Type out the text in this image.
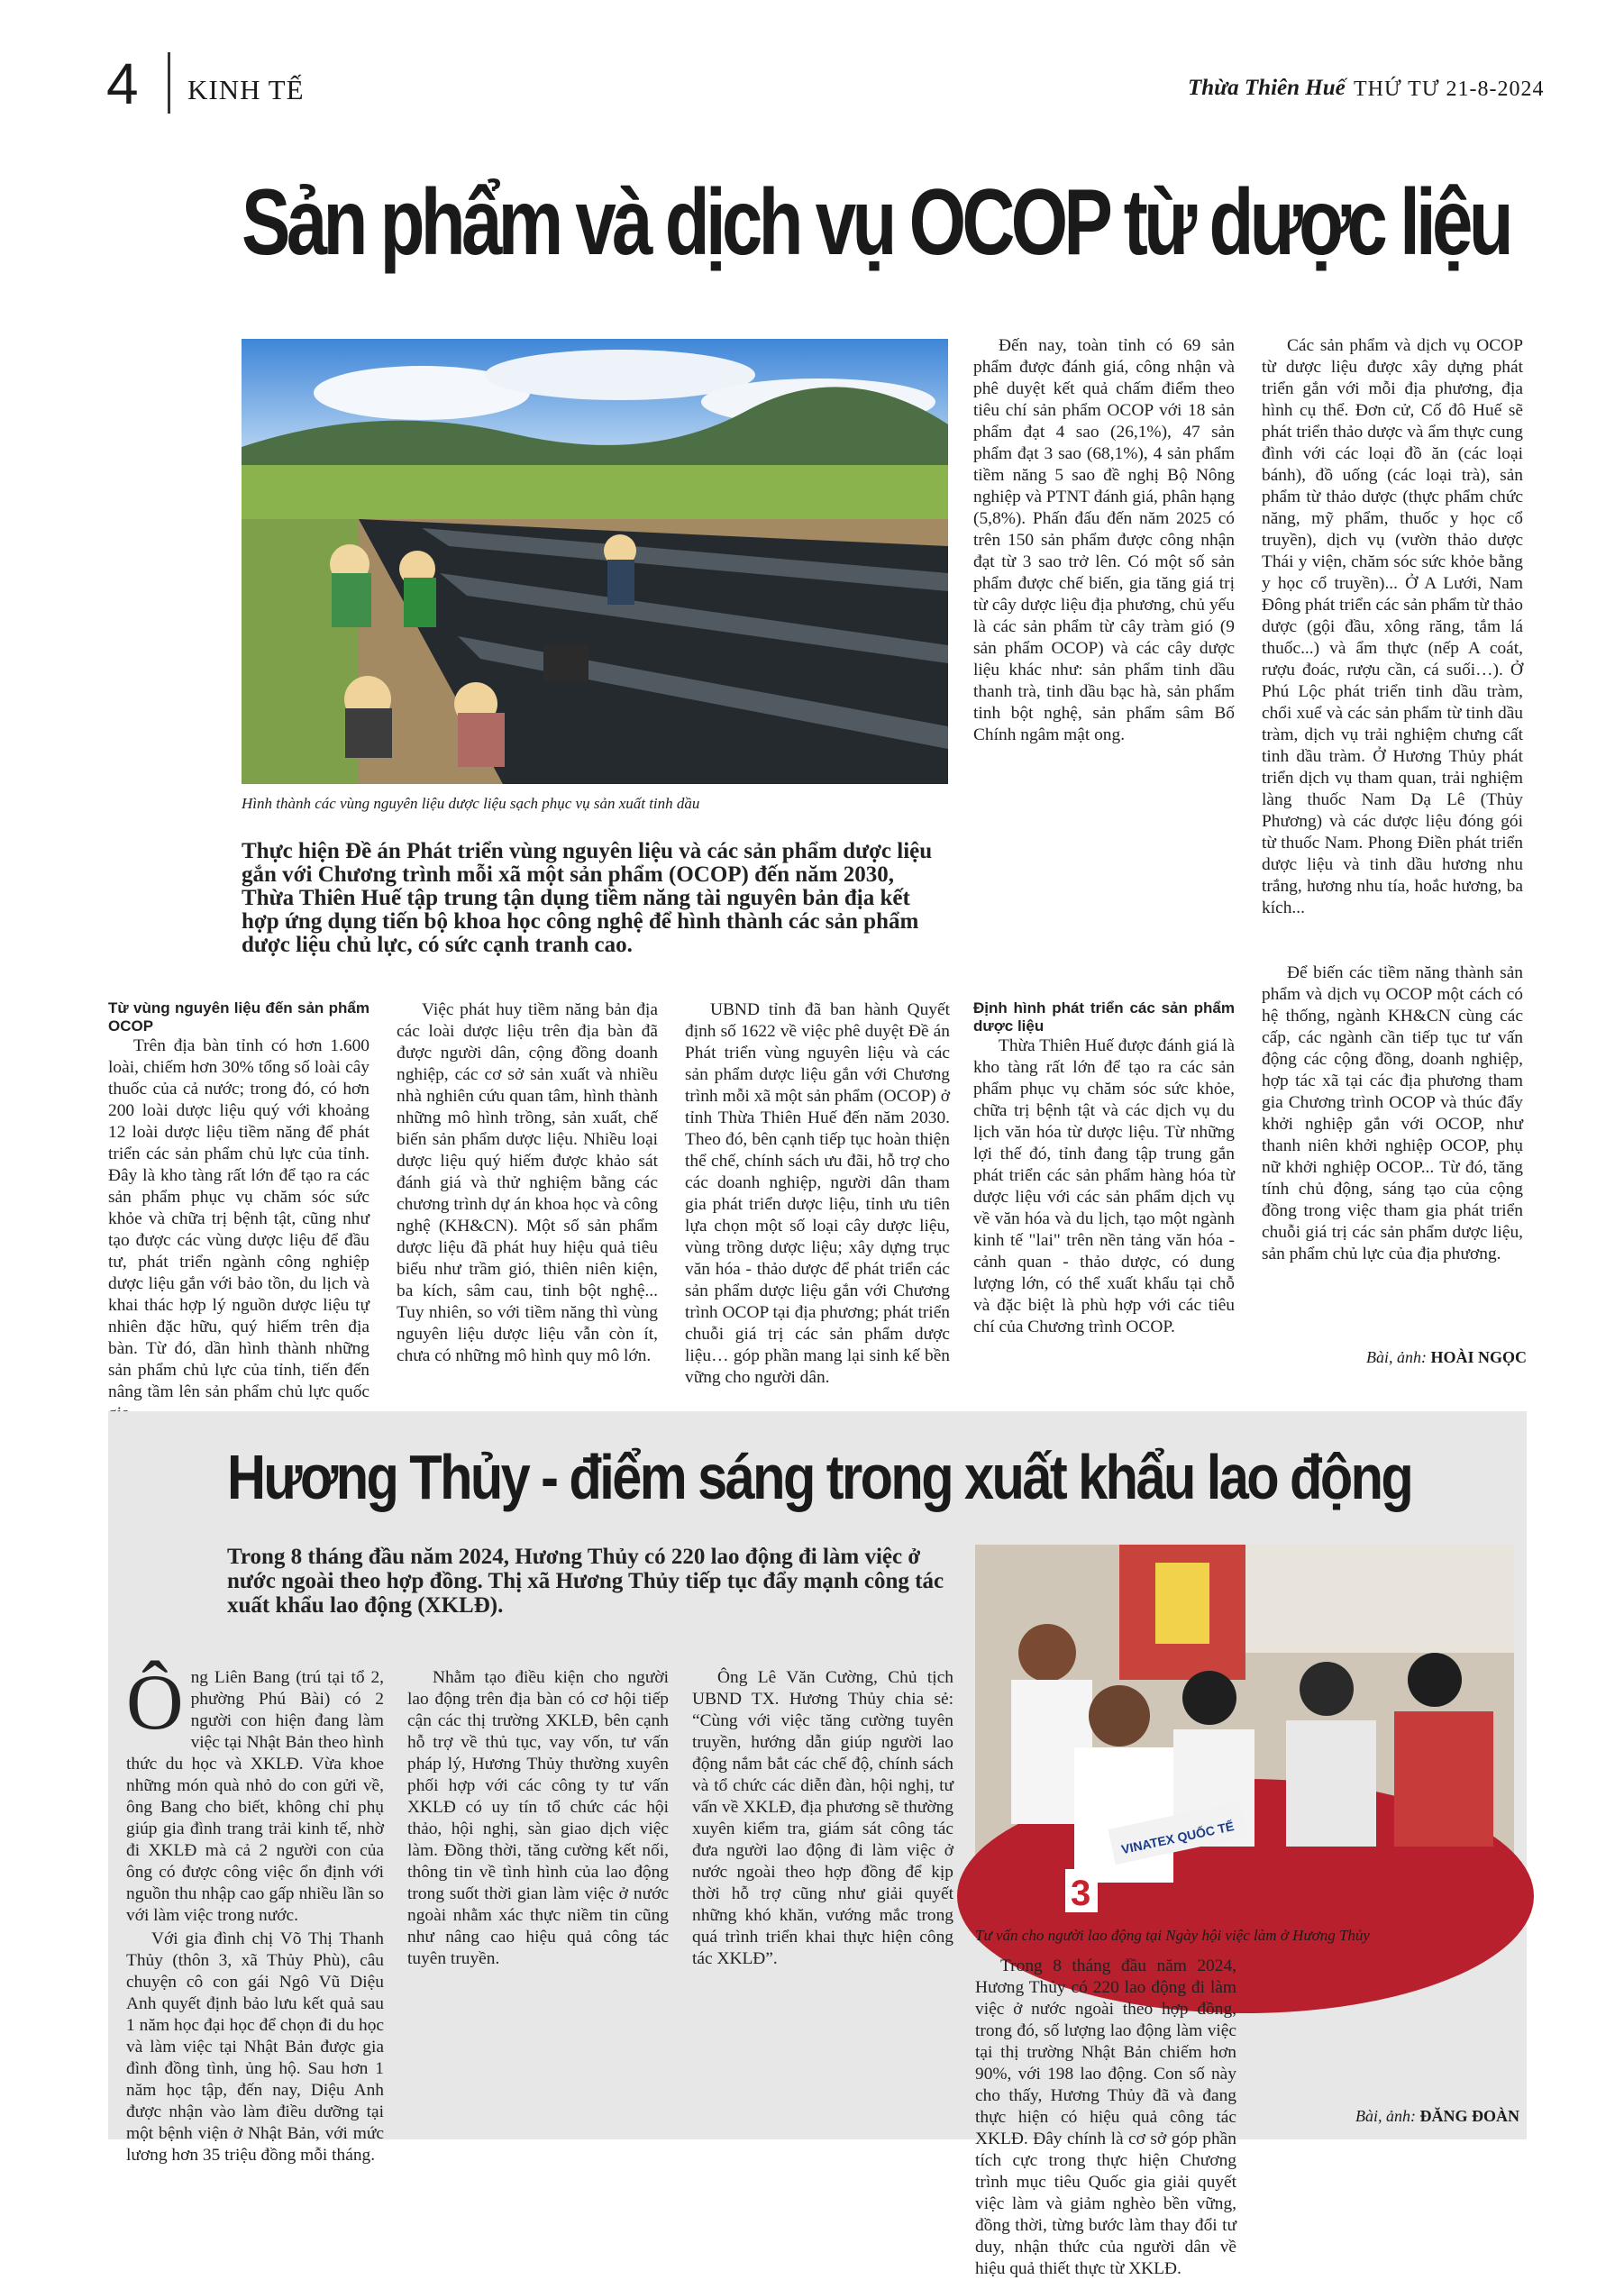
4 KINH TẾ	Thừa Thiên Huế THỨ TƯ 21-8-2024
Sản phẩm và dịch vụ OCOP từ dược liệu
Hình thành các vùng nguyên liệu dược liệu sạch phục vụ sản xuất tinh dầu
Thực hiện Đề án Phát triển vùng nguyên liệu và các sản phẩm dược liệu gắn với Chương trình mỗi xã một sản phẩm (OCOP) đến năm 2030, Thừa Thiên Huế tập trung tận dụng tiềm năng tài nguyên bản địa kết hợp ứng dụng tiến bộ khoa học công nghệ để hình thành các sản phẩm dược liệu chủ lực, có sức cạnh tranh cao.
Từ vùng nguyên liệu đến sản phẩm OCOP

Trên địa bàn tỉnh có hơn 1.600 loài, chiếm hơn 30% tổng số loài cây thuốc của cả nước; trong đó, có hơn 200 loài dược liệu quý với khoảng 12 loài dược liệu tiềm năng để phát triển các sản phẩm chủ lực của tỉnh. Đây là kho tàng rất lớn để tạo ra các sản phẩm phục vụ chăm sóc sức khỏe và chữa trị bệnh tật, cũng như tạo được các vùng dược liệu để đầu tư, phát triển ngành công nghiệp dược liệu gắn với bảo tồn, du lịch và khai thác hợp lý nguồn dược liệu tự nhiên đặc hữu, quý hiếm trên địa bàn. Từ đó, dần hình thành những sản phẩm chủ lực của tỉnh, tiến đến nâng tầm lên sản phẩm chủ lực quốc

Việc phát huy tiềm năng bản địa các loài dược liệu trên địa bàn đã được người dân, cộng đồng doanh nghiệp, các cơ sở sản xuất và nhiều nhà nghiên cứu quan tâm, hình thành những mô hình trồng, sản xuất, chế biến sản phẩm dược liệu. Nhiều loại dược liệu quý hiếm được khảo sát đánh giá và thử nghiệm bằng các chương trình dự án khoa học và công nghệ (KH&CN). Một số sản phẩm dược liệu đã phát huy hiệu quả tiêu biểu như trầm gió, thiên niên kiện, ba kích, sâm cau, tinh bột nghệ... Tuy nhiên, so với tiềm năng thì vùng nguyên liệu dược liệu vẫn còn ít, chưa có những mô hình quy mô lớn.

UBND tỉnh đã ban hành Quyết định số 1622 về việc phê duyệt Đề án Phát triển vùng nguyên liệu và các sản phẩm dược liệu gắn với Chương trình mỗi xã một sản phẩm (OCOP) ở tỉnh Thừa Thiên Huế đến năm 2030. Theo đó, bên cạnh tiếp tục hoàn thiện thể chế, chính sách ưu đãi, hỗ trợ cho các doanh nghiệp, người dân tham gia phát triển dược liệu, tỉnh ưu tiên lựa chọn một số loại cây dược liệu, vùng trồng dược liệu; xây dựng trục văn hóa - thảo dược để phát triển các sản phẩm dược liệu gắn với Chương trình OCOP tại địa phương; phát triển chuỗi giá trị các sản phẩm dược liệu… góp phần mang lại sinh kế bền vững cho người dân.

Đến nay, toàn tỉnh có 69 sản phẩm được đánh giá, công nhận và phê duyệt kết quả chấm điểm theo tiêu chí sản phẩm OCOP với 18 sản phẩm đạt 4 sao (26,1%), 47 sản phẩm đạt 3 sao (68,1%), 4 sản phẩm tiềm năng 5 sao đề nghị Bộ Nông nghiệp và PTNT đánh giá, phân hạng (5,8%). Phấn đấu đến năm 2025 có trên 150 sản phẩm được công nhận đạt từ 3 sao trở lên. Có một số sản phẩm được chế biến, gia tăng giá trị từ cây dược liệu địa phương, chủ yếu là các sản phẩm từ cây tràm gió (9 sản phẩm OCOP) và các cây dược liệu khác như: sản phẩm tinh dầu thanh trà, tinh dầu bạc hà, sản phẩm tinh bột nghệ, sản phẩm sâm Bố Chính ngâm mật ong.

Định hình phát triển các sản phẩm dược liệu

Thừa Thiên Huế được đánh giá là kho tàng rất lớn để tạo ra các sản phẩm phục vụ chăm sóc sức khỏe, chữa trị bệnh tật và các dịch vụ du lịch văn hóa từ dược liệu. Từ những lợi thế đó, tỉnh đang tập trung gắn phát triển các sản phẩm hàng hóa từ dược liệu với các sản phẩm dịch vụ về văn hóa và du lịch, tạo một ngành kinh tế "lai" trên nền tảng văn hóa - cảnh quan - thảo dược, có dung lượng lớn, có thể xuất khẩu tại chỗ và đặc biệt là phù hợp với các tiêu chí của Chương trình OCOP.

Các sản phẩm và dịch vụ OCOP từ dược liệu được xây dựng phát triển gắn với mỗi địa phương, địa hình cụ thể. Đơn cử, Cố đô Huế sẽ phát triển thảo dược và ẩm thực cung đình với các loại đồ ăn (các loại bánh), đồ uống (các loại trà), sản phẩm từ thảo dược (thực phẩm chức năng, mỹ phẩm, thuốc y học cổ truyền), dịch vụ (vườn thảo dược Thái y viện, chăm sóc sức khỏe bằng y học cổ truyền)... Ở A Lưới, Nam Đông phát triển các sản phẩm từ thảo dược (gội đầu, xông răng, tắm lá thuốc...) và ẩm thực (nếp A coát, rượu đoác, rượu cần, cá suối…). Ở Phú Lộc phát triển tinh dầu tràm, chổi xuể và các sản phẩm từ tinh dầu tràm, dịch vụ trải nghiệm chưng cất tinh dầu tràm. Ở Hương Thủy phát triển dịch vụ tham quan, trải nghiệm làng thuốc Nam Dạ Lê (Thủy Phương) và các dược liệu đóng gói từ thuốc Nam. Phong Điền phát triển dược liệu và tinh dầu hương nhu trắng, hương nhu tía, hoắc hương, ba kích...

Để biến các tiềm năng thành sản phẩm và dịch vụ OCOP một cách có hệ thống, ngành KH&CN cùng các cấp, các ngành cần tiếp tục tư vấn động các cộng đồng, doanh nghiệp, hợp tác xã tại các địa phương tham gia Chương trình OCOP và thúc đẩy khởi nghiệp gắn với OCOP, như thanh niên khởi nghiệp OCOP, phụ nữ khởi nghiệp OCOP... Từ đó, tăng tính chủ động, sáng tạo của cộng đồng trong việc tham gia phát triển chuỗi giá trị các sản phẩm dược liệu, sản phẩm chủ lực của địa phương.

Bài, ảnh: HOÀI NGỌC
Hương Thủy - điểm sáng trong xuất khẩu lao động
Trong 8 tháng đầu năm 2024, Hương Thủy có 220 lao động đi làm việc ở nước ngoài theo hợp đồng. Thị xã Hương Thủy tiếp tục đẩy mạnh công tác xuất khẩu lao động (XKLĐ).
VINATEX QUỐC TẾ
3
Tư vấn cho người lao động tại Ngày hội việc làm ở Hương Thủy
Ô ng Liên Bang (trú tại tổ 2, phường Phú Bài) có 2 người con hiện đang làm việc tại Nhật Bản theo hình thức du học và XKLĐ. Vừa khoe những món quà nhỏ do con gửi về, ông Bang cho biết, không chỉ phụ giúp gia đình trang trải kinh tế, nhờ đi XKLĐ mà cả 2 người con của ông có được công việc ổn định với nguồn thu nhập cao gấp nhiều lần so với làm việc trong nước.

Với gia đình chị Võ Thị Thanh Thủy (thôn 3, xã Thủy Phù), câu chuyện cô con gái Ngô Vũ Diệu Anh quyết định bảo lưu kết quả sau 1 năm học đại học để chọn đi du học và làm việc tại Nhật Bản được gia đình đồng tình, ủng hộ. Sau hơn 1 năm học tập, đến nay, Diệu Anh được nhận vào làm điều dưỡng tại một bệnh viện ở Nhật Bản, với mức lương hơn 35 triệu đồng mỗi tháng.

Nhằm tạo điều kiện cho người lao động trên địa bàn có cơ hội tiếp cận các thị trường XKLĐ, bên cạnh hỗ trợ về thủ tục, vay vốn, tư vấn pháp lý, Hương Thủy thường xuyên phối hợp với các công ty tư vấn XKLĐ có uy tín tổ chức các hội thảo, hội nghị, sàn giao dịch việc làm. Đồng thời, tăng cường kết nối, thông tin về tình hình của lao động trong suốt thời gian làm việc ở nước ngoài nhằm xác thực niềm tin cũng như nâng cao hiệu quả công tác tuyên truyền.

Ông Lê Văn Cường, Chủ tịch UBND TX. Hương Thủy chia sẻ: “Cùng với việc tăng cường tuyên truyền, hướng dẫn giúp người lao động nắm bắt các chế độ, chính sách và tổ chức các diễn đàn, hội nghị, tư vấn về XKLĐ, địa phương sẽ thường xuyên kiểm tra, giám sát công tác đưa người lao động đi làm việc ở nước ngoài theo hợp đồng để kịp thời hỗ trợ cũng như giải quyết những khó khăn, vướng mắc trong quá trình triển khai thực hiện công tác XKLĐ”.	Trong 8 tháng đầu năm 2024, Hương Thủy có 220 lao động đi làm việc ở nước ngoài theo hợp đồng, trong đó, số lượng lao động làm việc tại thị trường Nhật Bản chiếm hơn 90%, với 198 lao động. Con số này cho thấy, Hương Thủy đã và đang thực hiện có hiệu quả công tác XKLĐ. Đây chính là cơ sở góp phần tích cực trong thực hiện Chương trình mục tiêu Quốc gia giải quyết việc làm và giảm nghèo bền vững, đồng thời, từng bước làm thay đổi tư duy, nhận thức của người dân về hiệu quả thiết thực từ XKLĐ.

Bài, ảnh: ĐĂNG ĐOÀN
